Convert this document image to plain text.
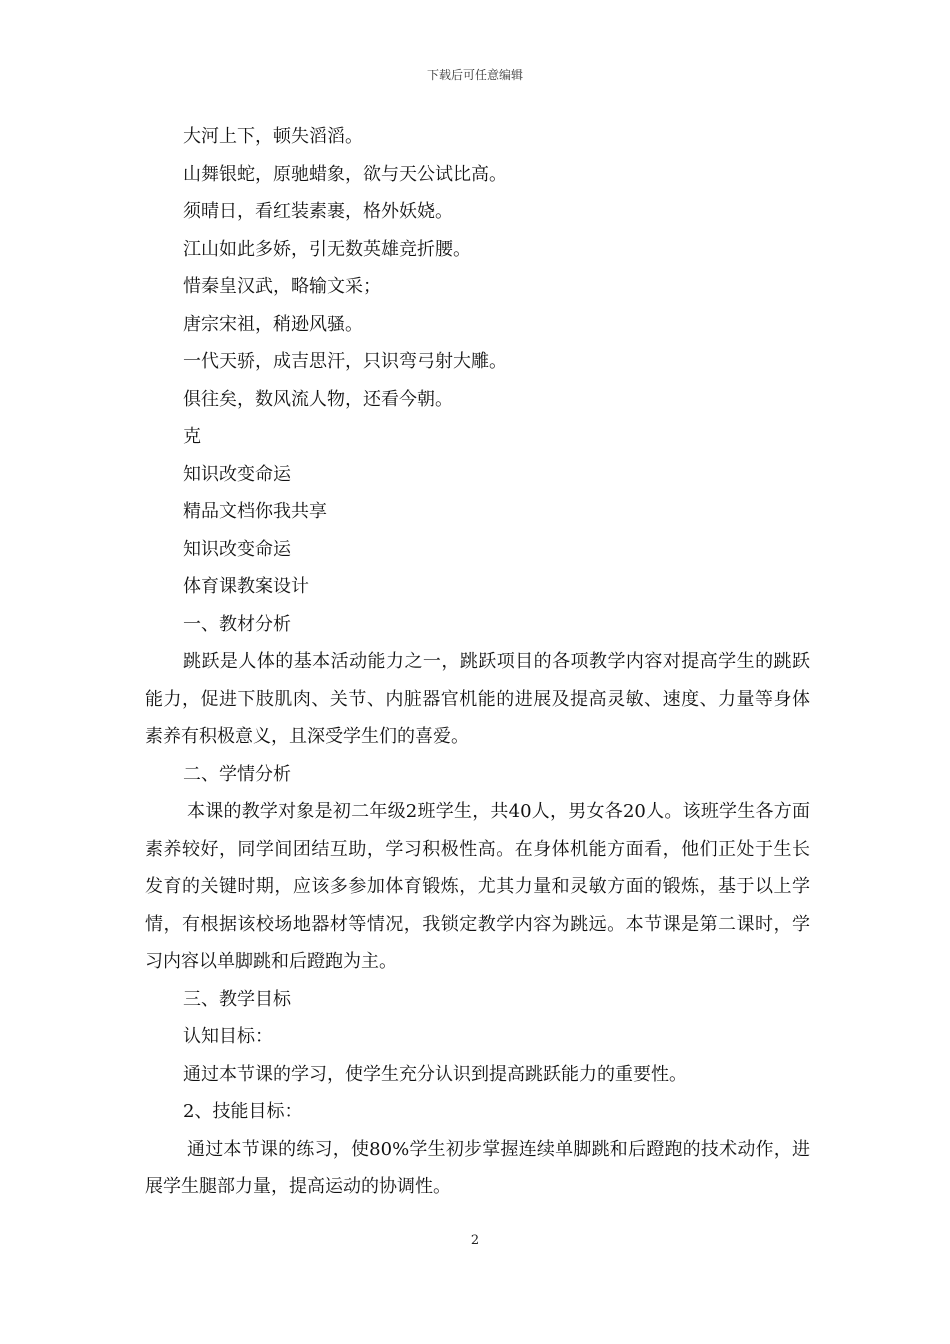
下载后可任意编辑

大河上下，顿失滔滔。

山舞银蛇，原驰蜡象，欲与天公试比高。

须晴日，看红装素裹，格外妖娆。

江山如此多娇，引无数英雄竞折腰。

惜秦皇汉武，略输文采；

唐宗宋祖，稍逊风骚。

一代天骄，成吉思汗，只识弯弓射大雕。

俱往矣，数风流人物，还看今朝。

克

知识改变命运

精品文档你我共享

知识改变命运

体育课教案设计

一、教材分析

跳跃是人体的基本活动能力之一，跳跃项目的各项教学内容对提高学生的跳跃能力，促进下肢肌肉、关节、内脏器官机能的进展及提高灵敏、速度、力量等身体素养有积极意义，且深受学生们的喜爱。

二、学情分析

本课的教学对象是初二年级2班学生，共40人，男女各20人。该班学生各方面素养较好，同学间团结互助，学习积极性高。在身体机能方面看，他们正处于生长发育的关键时期，应该多参加体育锻炼，尤其力量和灵敏方面的锻炼，基于以上学情，有根据该校场地器材等情况，我锁定教学内容为跳远。本节课是第二课时，学习内容以单脚跳和后蹬跑为主。

三、教学目标

认知目标：

通过本节课的学习，使学生充分认识到提高跳跃能力的重要性。

2、技能目标：

通过本节课的练习，使80%学生初步掌握连续单脚跳和后蹬跑的技术动作，进展学生腿部力量，提高运动的协调性。

2
